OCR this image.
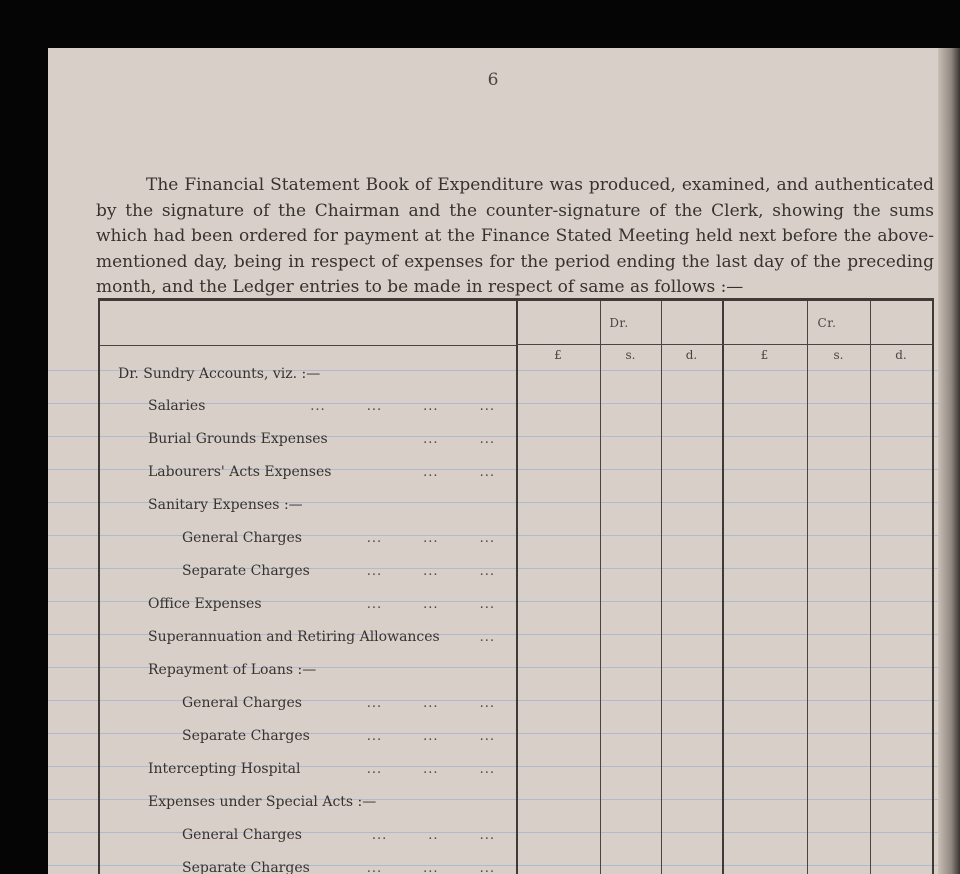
6

The Financial Statement Book of Expenditure was produced, examined, and authenticated by the signature of the Chairman and the counter-signature of the Clerk, showing the sums which had been ordered for payment at the Finance Stated Meeting held next before the above-mentioned day, being in respect of expenses for the period ending the last day of the preceding month, and the Ledger entries to be made in respect of same as follows :—

Dr.	Cr.
£	s.	d.	£	s.	d.
Dr. Sundry Accounts, viz. :—
Salaries	...        ...        ...        ...
Burial Grounds Expenses	...        ...
Labourers' Acts Expenses	...        ...
Sanitary Expenses :—
General Charges	...        ...        ...
Separate Charges	...        ...        ...
Office Expenses	...        ...        ...
Superannuation and Retiring Allowances	...
Repayment of Loans :—
General Charges	...        ...        ...
Separate Charges	...        ...        ...
Intercepting Hospital	...        ...        ...
Expenses under Special Acts :—
General Charges	...        ..        ...
Separate Charges	...        ...        ...
